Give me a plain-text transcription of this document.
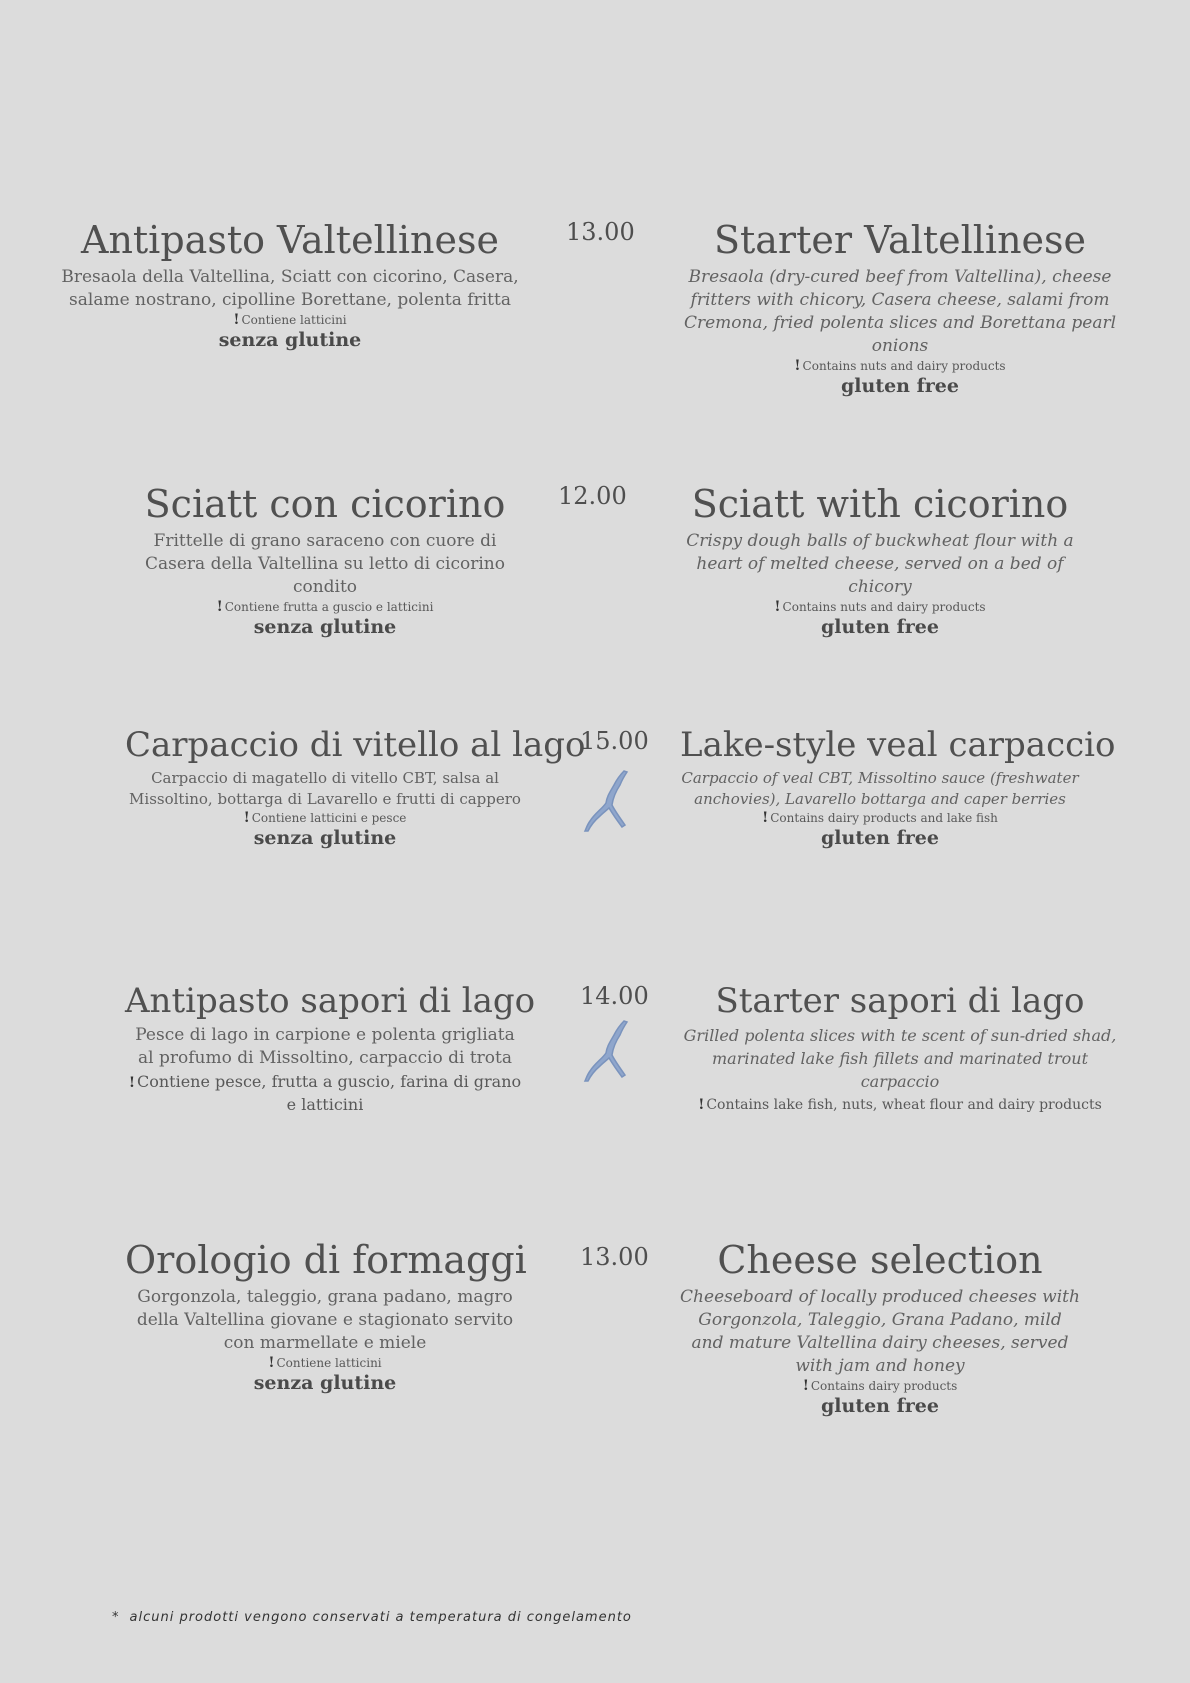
Antipasto Valtellinese
Bresaola della Valtellina, Sciatt con cicorino, Casera, salame nostrano, cipolline Borettane, polenta fritta
! Contiene latticini
senza glutine
13.00	Starter Valtellinese
Bresaola (dry-cured beef from Valtellina), cheese fritters with chicory, Casera cheese, salami from Cremona, fried polenta slices and Borettana pearl onions
! Contains nuts and dairy products
gluten free
Sciatt con cicorino
Frittelle di grano saraceno con cuore di Casera della Valtellina su letto di cicorino condito
! Contiene frutta a guscio e latticini
senza glutine
12.00	Sciatt with cicorino
Crispy dough balls of buckwheat flour with a heart of melted cheese, served on a bed of chicory
! Contains nuts and dairy products
gluten free
Carpaccio di vitello al lago
Carpaccio di magatello di vitello CBT, salsa al Missoltino, bottarga di Lavarello e frutti di cappero
! Contiene latticini e pesce
senza glutine
15.00 Lake-style veal carpaccio
Carpaccio of veal CBT, Missoltino sauce (freshwater anchovies), Lavarello bottarga and caper berries
! Contains dairy products and lake fish
gluten free
Antipasto sapori di lago
Pesce di lago in carpione e polenta grigliata al profumo di Missoltino, carpaccio di trota
! Contiene pesce, frutta a guscio, farina di grano e latticini
14.00	Starter sapori di lago
Grilled polenta slices with te scent of sun-dried shad, marinated lake fish fillets and marinated trout carpaccio
! Contains lake fish, nuts, wheat flour and dairy products
Orologio di formaggi
Gorgonzola, taleggio, grana padano, magro della Valtellina giovane e stagionato servito con marmellate e miele
! Contiene latticini
senza glutine
13.00	Cheese selection
Cheeseboard of locally produced cheeses with Gorgonzola, Taleggio, Grana Padano, mild and mature Valtellina dairy cheeses, served with jam and honey
! Contains dairy products
gluten free
* alcuni prodotti vengono conservati a temperatura di congelamento
